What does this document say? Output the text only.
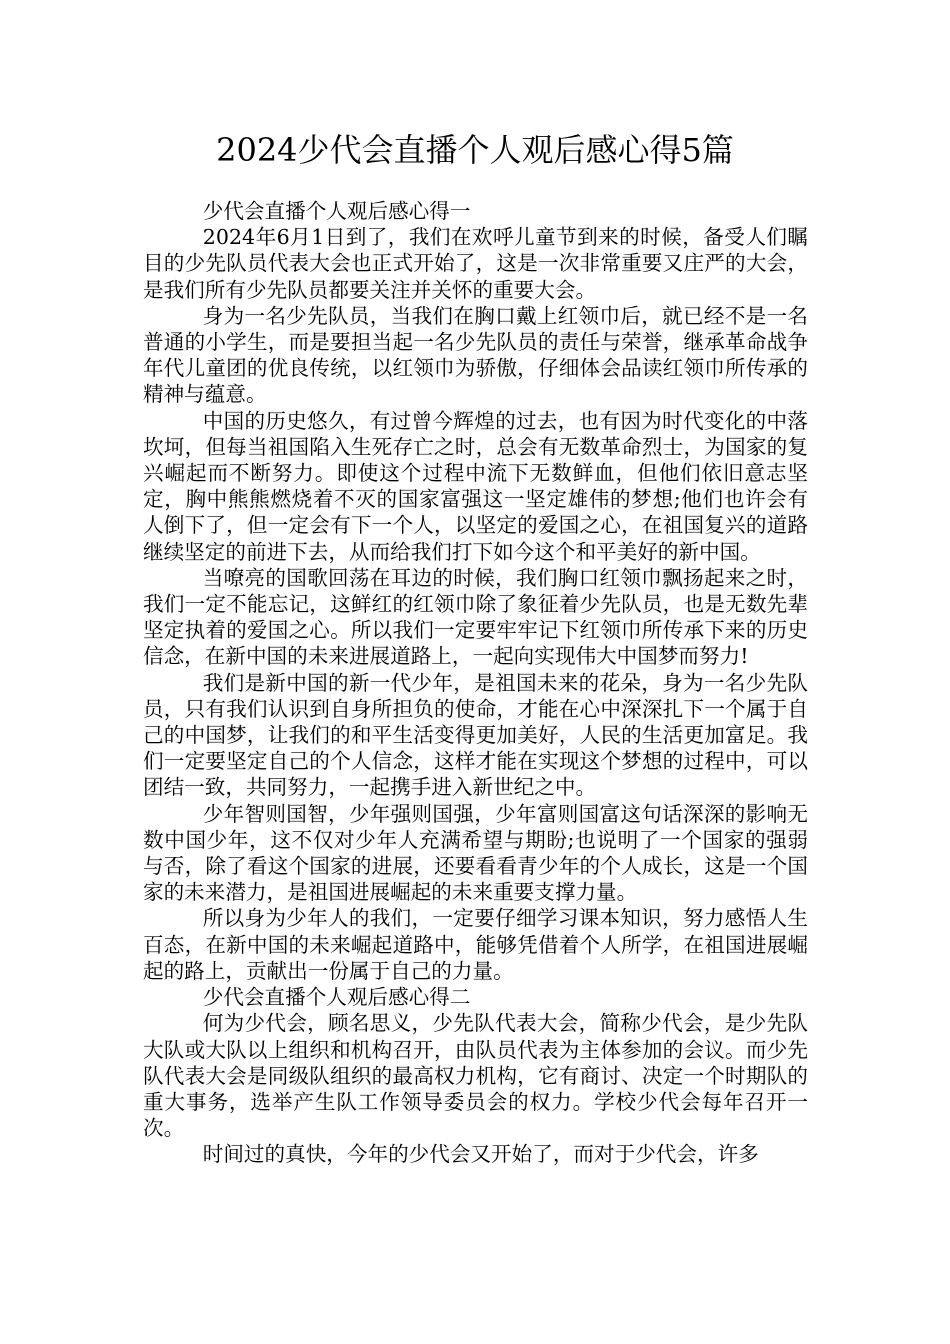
2024少代会直播个人观后感心得5篇

少代会直播个人观后感心得一

2024年6月1日到了，我们在欢呼儿童节到来的时候，备受人们瞩目的少先队员代表大会也正式开始了，这是一次非常重要又庄严的大会，是我们所有少先队员都要关注并关怀的重要大会。

身为一名少先队员，当我们在胸口戴上红领巾后，就已经不是一名普通的小学生，而是要担当起一名少先队员的责任与荣誉，继承革命战争年代儿童团的优良传统，以红领巾为骄傲，仔细体会品读红领巾所传承的精神与蕴意。

中国的历史悠久，有过曾今辉煌的过去，也有因为时代变化的中落坎坷，但每当祖国陷入生死存亡之时，总会有无数革命烈士，为国家的复兴崛起而不断努力。即使这个过程中流下无数鲜血，但他们依旧意志坚定，胸中熊熊燃烧着不灭的国家富强这一坚定雄伟的梦想;他们也许会有人倒下了，但一定会有下一个人，以坚定的爱国之心，在祖国复兴的道路继续坚定的前进下去，从而给我们打下如今这个和平美好的新中国。

当嘹亮的国歌回荡在耳边的时候，我们胸口红领巾飘扬起来之时，我们一定不能忘记，这鲜红的红领巾除了象征着少先队员，也是无数先辈坚定执着的爱国之心。所以我们一定要牢牢记下红领巾所传承下来的历史信念，在新中国的未来进展道路上，一起向实现伟大中国梦而努力!

我们是新中国的新一代少年，是祖国未来的花朵，身为一名少先队员，只有我们认识到自身所担负的使命，才能在心中深深扎下一个属于自己的中国梦，让我们的和平生活变得更加美好，人民的生活更加富足。我们一定要坚定自己的个人信念，这样才能在实现这个梦想的过程中，可以团结一致，共同努力，一起携手进入新世纪之中。

少年智则国智，少年强则国强，少年富则国富这句话深深的影响无数中国少年，这不仅对少年人充满希望与期盼;也说明了一个国家的强弱与否，除了看这个国家的进展，还要看看青少年的个人成长，这是一个国家的未来潜力，是祖国进展崛起的未来重要支撑力量。

所以身为少年人的我们，一定要仔细学习课本知识，努力感悟人生百态，在新中国的未来崛起道路中，能够凭借着个人所学，在祖国进展崛起的路上，贡献出一份属于自己的力量。

少代会直播个人观后感心得二

何为少代会，顾名思义，少先队代表大会，简称少代会，是少先队大队或大队以上组织和机构召开，由队员代表为主体参加的会议。而少先队代表大会是同级队组织的最高权力机构，它有商讨、决定一个时期队的重大事务，选举产生队工作领导委员会的权力。学校少代会每年召开一次。

时间过的真快，今年的少代会又开始了，而对于少代会，许多
